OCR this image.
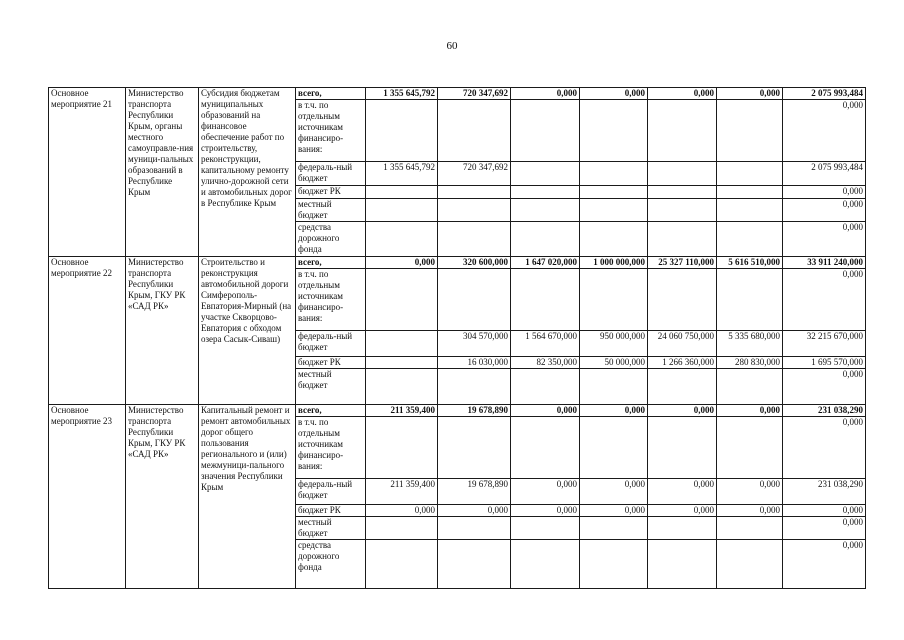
60
Основное мероприятие 21	Министерство транспорта Республики Крым, органы местного самоуправле-ния муници-пальных образований в Республике Крым	Субсидия бюджетам муниципальных образований на финансовое обеспечение работ по строительству, реконструкции, капитальному ремонту улично-дорожной сети и автомобильных дорог в Республике Крым	всего,	1 355 645,792	720 347,692	0,000	0,000	0,000	0,000	2 075 993,484
			в т.ч. по отдельным источникам финансиро-вания:							0,000
			федераль-ный бюджет	1 355 645,792	720 347,692					2 075 993,484
			бюджет РК							0,000
			местный бюджет							0,000
			средства дорожного фонда							0,000
Основное мероприятие 22	Министерство транспорта Республики Крым, ГКУ РК «САД РК»	Строительство и реконструкция автомобильной дороги Симферополь-Евпатория-Мирный (на участке Скворцово-Евпатория с обходом озера Сасык-Сиваш)	всего,	0,000	320 600,000	1 647 020,000	1 000 000,000	25 327 110,000	5 616 510,000	33 911 240,000
			в т.ч. по отдельным источникам финансиро-вания:							0,000
			федераль-ный бюджет		304 570,000	1 564 670,000	950 000,000	24 060 750,000	5 335 680,000	32 215 670,000
			бюджет РК		16 030,000	82 350,000	50 000,000	1 266 360,000	280 830,000	1 695 570,000
			местный бюджет							0,000
Основное мероприятие 23	Министерство транспорта Республики Крым, ГКУ РК «САД РК»	Капитальный ремонт и ремонт автомобильных дорог общего пользования регионального и (или) межмуници-пального значения Республики Крым	всего,	211 359,400	19 678,890	0,000	0,000	0,000	0,000	231 038,290
			в т.ч. по отдельным источникам финансиро-вания:							0,000
			федераль-ный бюджет	211 359,400	19 678,890	0,000	0,000	0,000	0,000	231 038,290
			бюджет РК	0,000	0,000	0,000	0,000	0,000	0,000	0,000
			местный бюджет							0,000
			средства дорожного фонда							0,000
